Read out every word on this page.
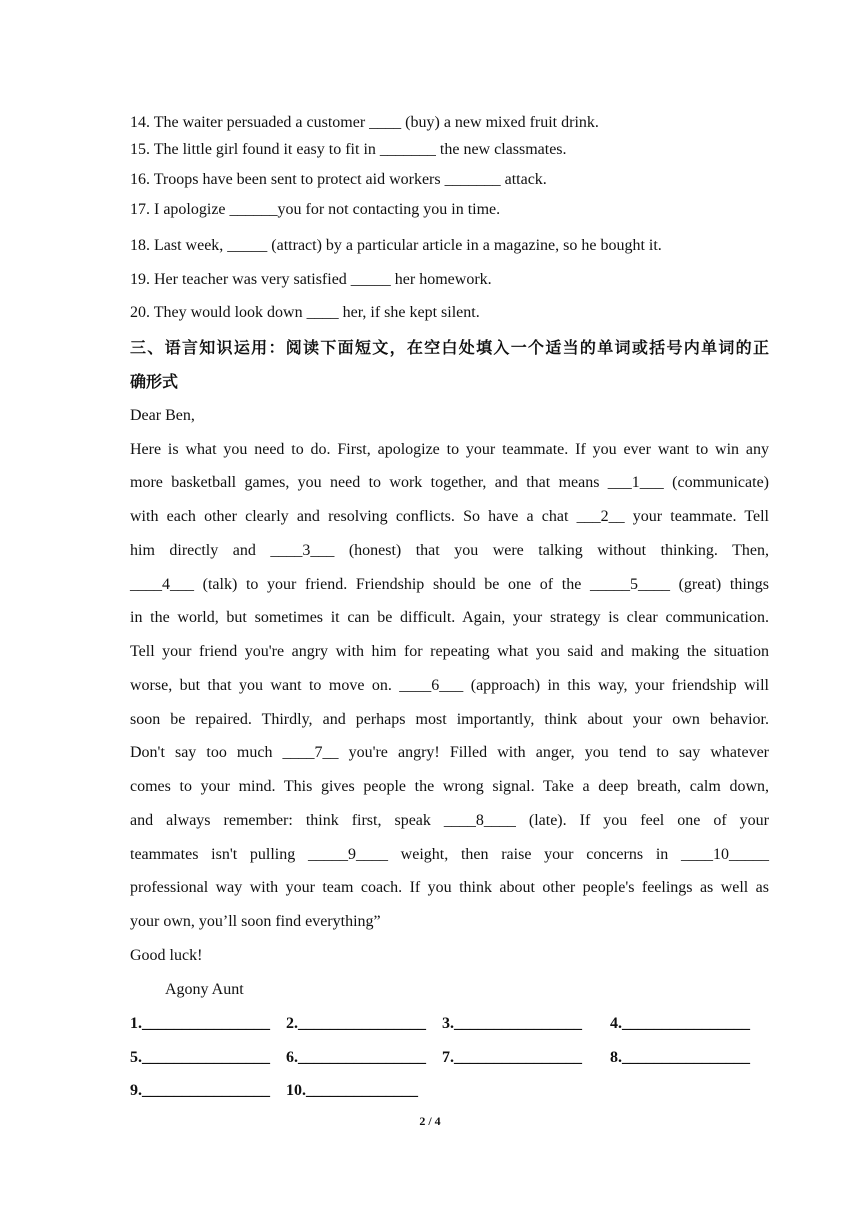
14. The waiter persuaded a customer ____ (buy) a new mixed fruit drink.
15. The little girl found it easy to fit in _______ the new classmates.
16. Troops have been sent to protect aid workers _______ attack.
17. I apologize ______you for not contacting you in time.
18. Last week, _____ (attract) by a particular article in a magazine, so he bought it.
19. Her teacher was very satisfied _____ her homework.
20. They would look down ____ her, if she kept silent.
三、语言知识运用：阅读下面短文，在空白处填入一个适当的单词或括号内单词的正
确形式
Dear Ben,
Here is what you need to do. First, apologize to your teammate. If you ever want to win any
more basketball games, you need to work together, and that means ___1___ (communicate)
with each other clearly and resolving conflicts. So have a chat ___2__ your teammate. Tell
him directly and ____3___ (honest) that you were talking without thinking. Then,
____4___ (talk) to your friend. Friendship should be one of the _____5____ (great) things
in the world, but sometimes it can be difficult. Again, your strategy is clear communication.
Tell your friend you're angry with him for repeating what you said and making the situation
worse, but that you want to move on. ____6___ (approach) in this way, your friendship will
soon be repaired. Thirdly, and perhaps most importantly, think about your own behavior.
Don't say too much ____7__ you're angry! Filled with anger, you tend to say whatever
comes to your mind. This gives people the wrong signal. Take a deep breath, calm down,
and always remember: think first, speak ____8____ (late). If you feel one of your
teammates isn't pulling _____9____ weight, then raise your concerns in ____10_____
professional way with your team coach. If you think about other people's feelings as well as
your own, you’ll soon find everything”
Good luck!
Agony Aunt
1.________________ 2.________________ 3.________________ 4.________________
5.________________ 6.________________ 7.________________ 8.________________
9.________________ 10.______________
2 / 4
